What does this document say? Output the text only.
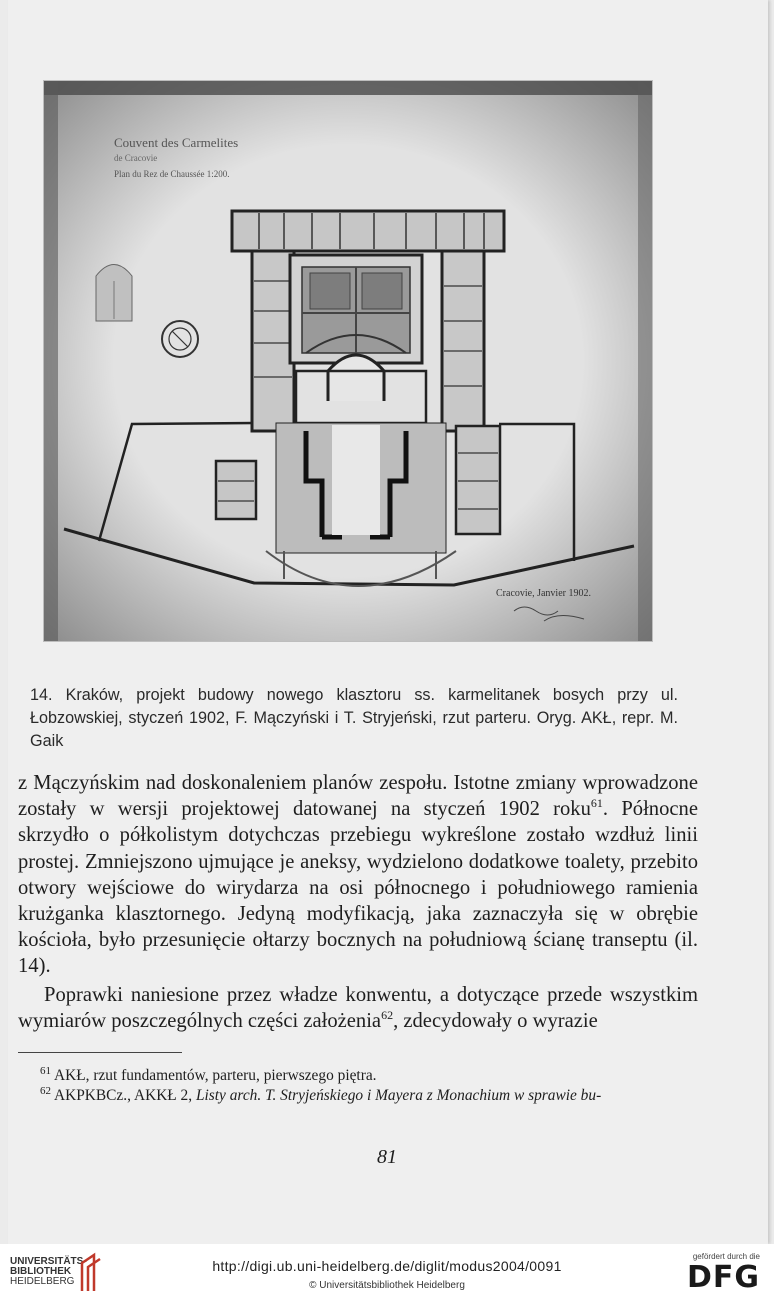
Couvent des Carmelites
de Cracovie
Plan du Rez de Chaussée 1:200.
Cracovie, Janvier 1902.
14. Kraków, projekt budowy nowego klasztoru ss. karmelitanek bosych przy ul. Łobzowskiej, styczeń 1902, F. Mączyński i T. Stryjeński, rzut parteru. Oryg. AKŁ, repr. M. Gaik

z Mączyńskim nad doskonaleniem planów zespołu. Istotne zmiany wprowadzone zostały w wersji projektowej datowanej na styczeń 1902 roku$^{61}$. Północne skrzydło o półkolistym dotychczas przebiegu wykreślone zostało wzdłuż linii prostej. Zmniejszono ujmujące je aneksy, wydzielono dodatkowe toalety, przebito otwory wejściowe do wirydarza na osi północnego i południowego ramienia krużganka klasztornego. Jedyną modyfikacją, jaka zaznaczyła się w obrębie kościoła, było przesunięcie ołtarzy bocznych na południową ścianę transeptu (il. 14).

Poprawki naniesione przez władze konwentu, a dotyczące przede wszystkim wymiarów poszczególnych części założenia$^{62}$, zdecydowały o wyrazie

$^{61}$ AKŁ, rzut fundamentów, parteru, pierwszego piętra.
$^{62}$ AKPKBCz., AKKŁ 2, Listy arch. T. Stryjeńskiego i Mayera z Monachium w sprawie bu-
81
UNIVERSITÄTS-
BIBLIOTHEK
HEIDELBERG
http://digi.ub.uni-heidelberg.de/diglit/modus2004/0091
© Universitätsbibliothek Heidelberg
gefördert durch die
DFG
